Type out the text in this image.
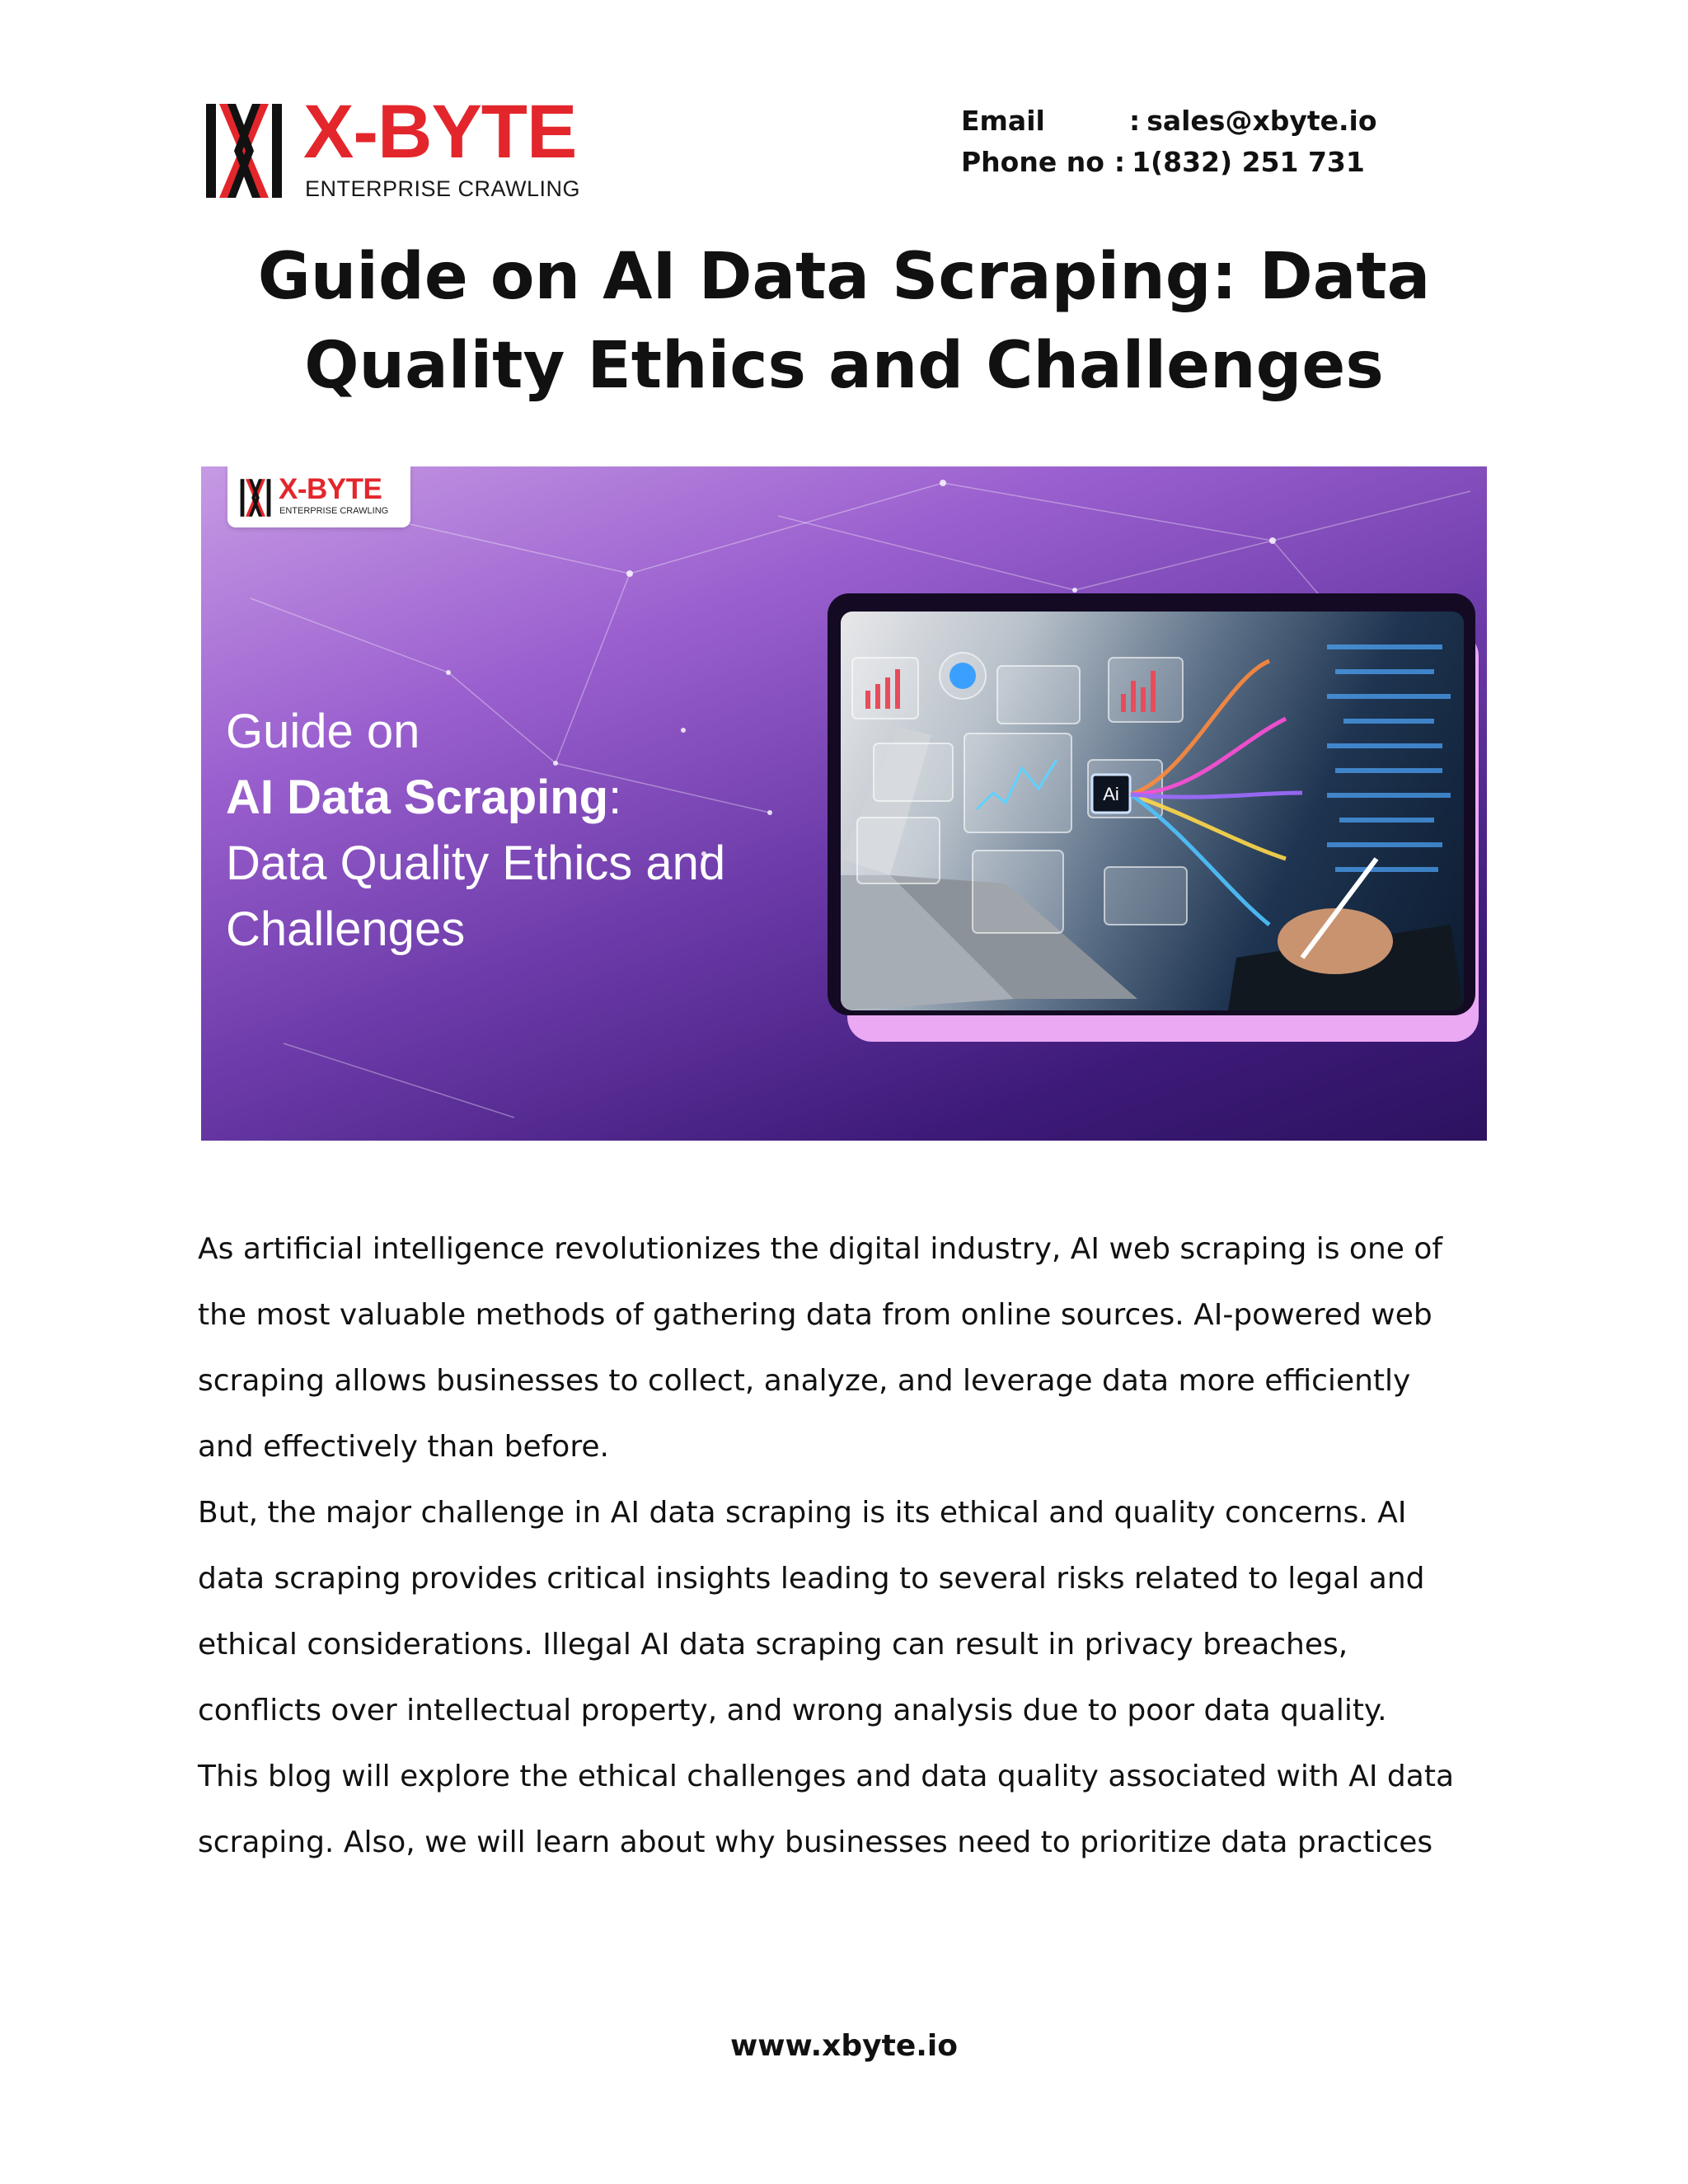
X-BYTE
ENTERPRISE CRAWLING
Email	: sales@xbyte.io
Phone no : 1(832) 251 731
Guide on AI Data Scraping: Data
Quality Ethics and Challenges
X-BYTE
ENTERPRISE CRAWLING
Guide on
AI Data Scraping:
Data Quality Ethics and
Challenges
Ai
As artificial intelligence revolutionizes the digital industry, AI web scraping is one of
the most valuable methods of gathering data from online sources. AI-powered web
scraping allows businesses to collect, analyze, and leverage data more efficiently
and effectively than before.
But, the major challenge in AI data scraping is its ethical and quality concerns. AI
data scraping provides critical insights leading to several risks related to legal and
ethical considerations. Illegal AI data scraping can result in privacy breaches,
conflicts over intellectual property, and wrong analysis due to poor data quality.
This blog will explore the ethical challenges and data quality associated with AI data
scraping. Also, we will learn about why businesses need to prioritize data practices
www.xbyte.io
